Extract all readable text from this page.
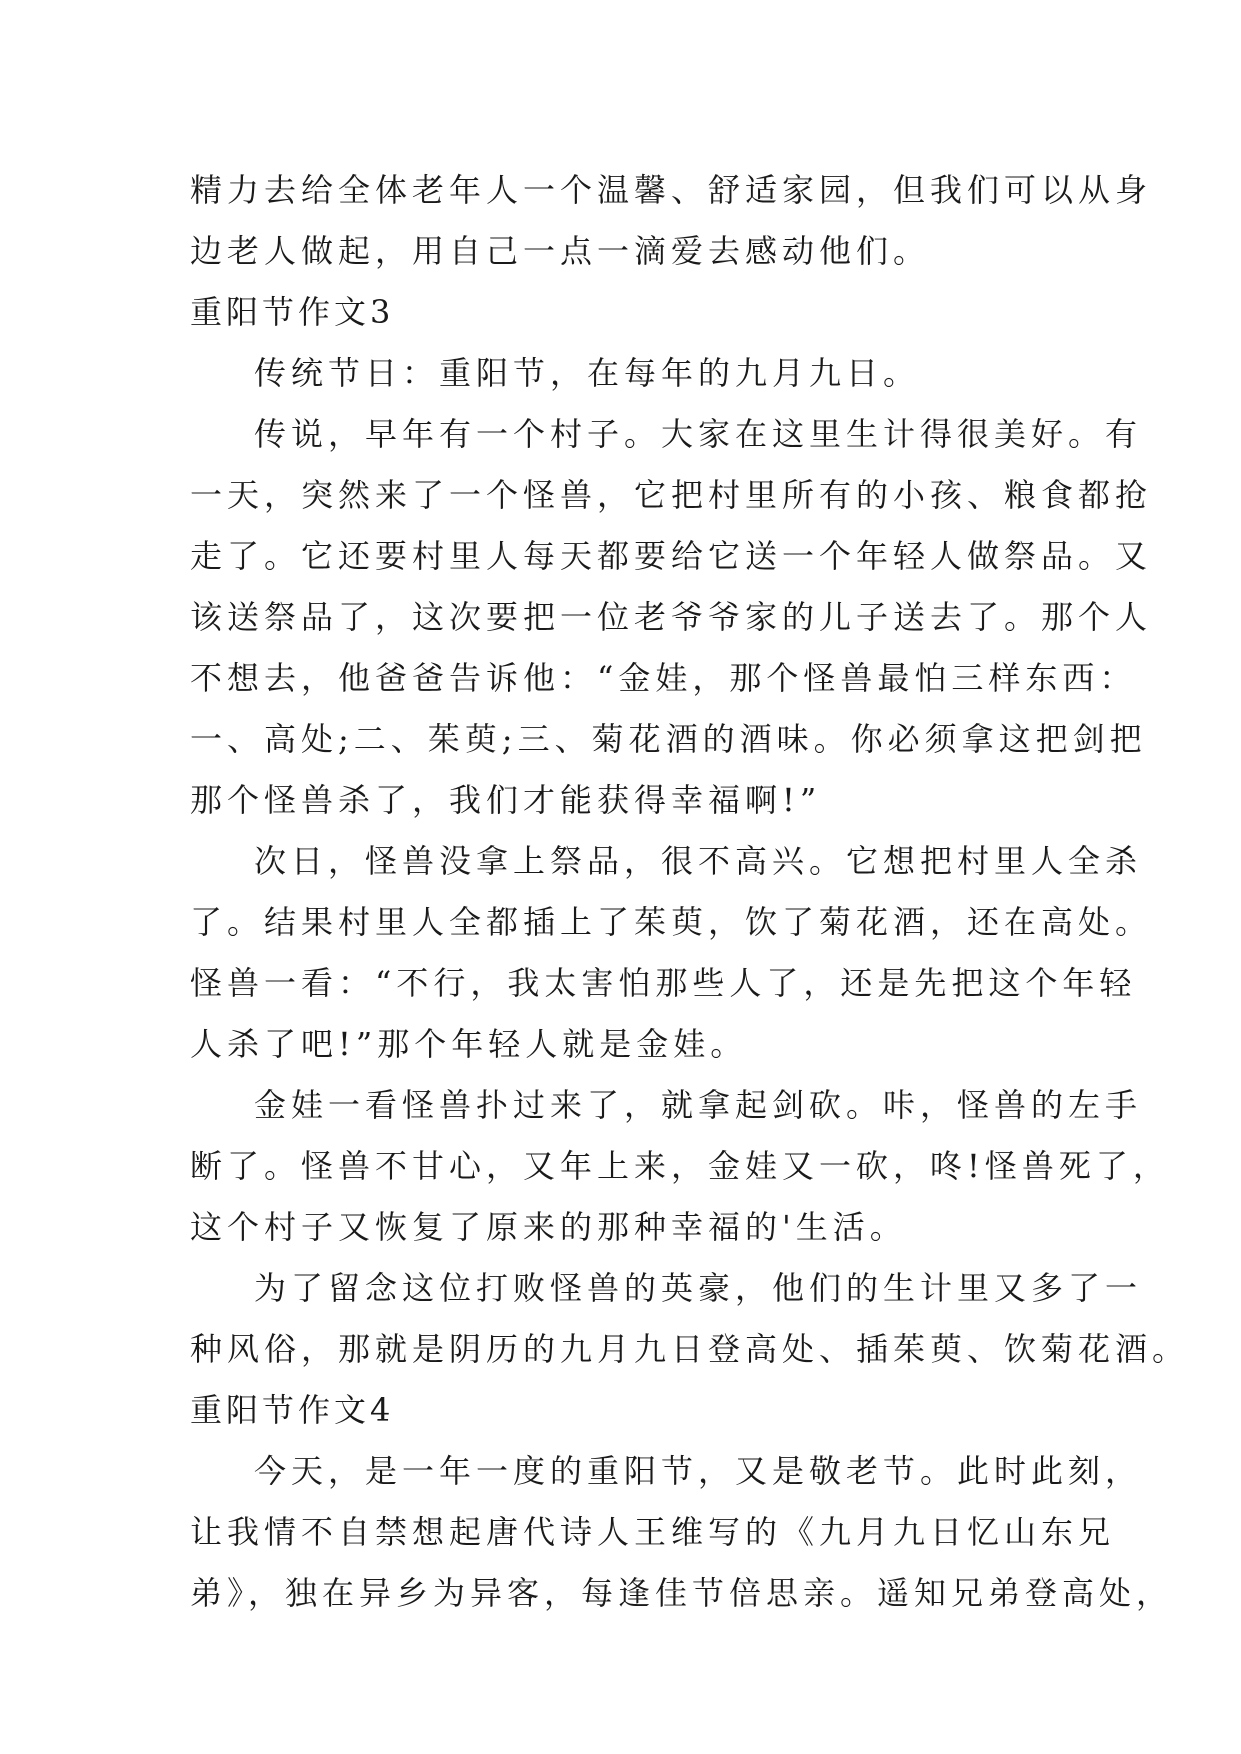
精力去给全体老年人一个温馨、舒适家园，但我们可以从身
边老人做起，用自己一点一滴爱去感动他们。
重阳节作文3
传统节日：重阳节，在每年的九月九日。
传说，早年有一个村子。大家在这里生计得很美好。有
一天，突然来了一个怪兽，它把村里所有的小孩、粮食都抢
走了。它还要村里人每天都要给它送一个年轻人做祭品。又
该送祭品了，这次要把一位老爷爷家的儿子送去了。那个人
不想去，他爸爸告诉他：“金娃，那个怪兽最怕三样东西：
一、高处;二、茱萸;三、菊花酒的酒味。你必须拿这把剑把
那个怪兽杀了，我们才能获得幸福啊!”
次日，怪兽没拿上祭品，很不高兴。它想把村里人全杀
了。结果村里人全都插上了茱萸，饮了菊花酒，还在高处。
怪兽一看：“不行，我太害怕那些人了，还是先把这个年轻
人杀了吧!”那个年轻人就是金娃。
金娃一看怪兽扑过来了，就拿起剑砍。咔，怪兽的左手
断了。怪兽不甘心，又年上来，金娃又一砍，咚!怪兽死了，
这个村子又恢复了原来的那种幸福的'生活。
为了留念这位打败怪兽的英豪，他们的生计里又多了一
种风俗，那就是阴历的九月九日登高处、插茱萸、饮菊花酒。
重阳节作文4
今天，是一年一度的重阳节，又是敬老节。此时此刻，
让我情不自禁想起唐代诗人王维写的《九月九日忆山东兄
弟》，独在异乡为异客，每逢佳节倍思亲。遥知兄弟登高处，
